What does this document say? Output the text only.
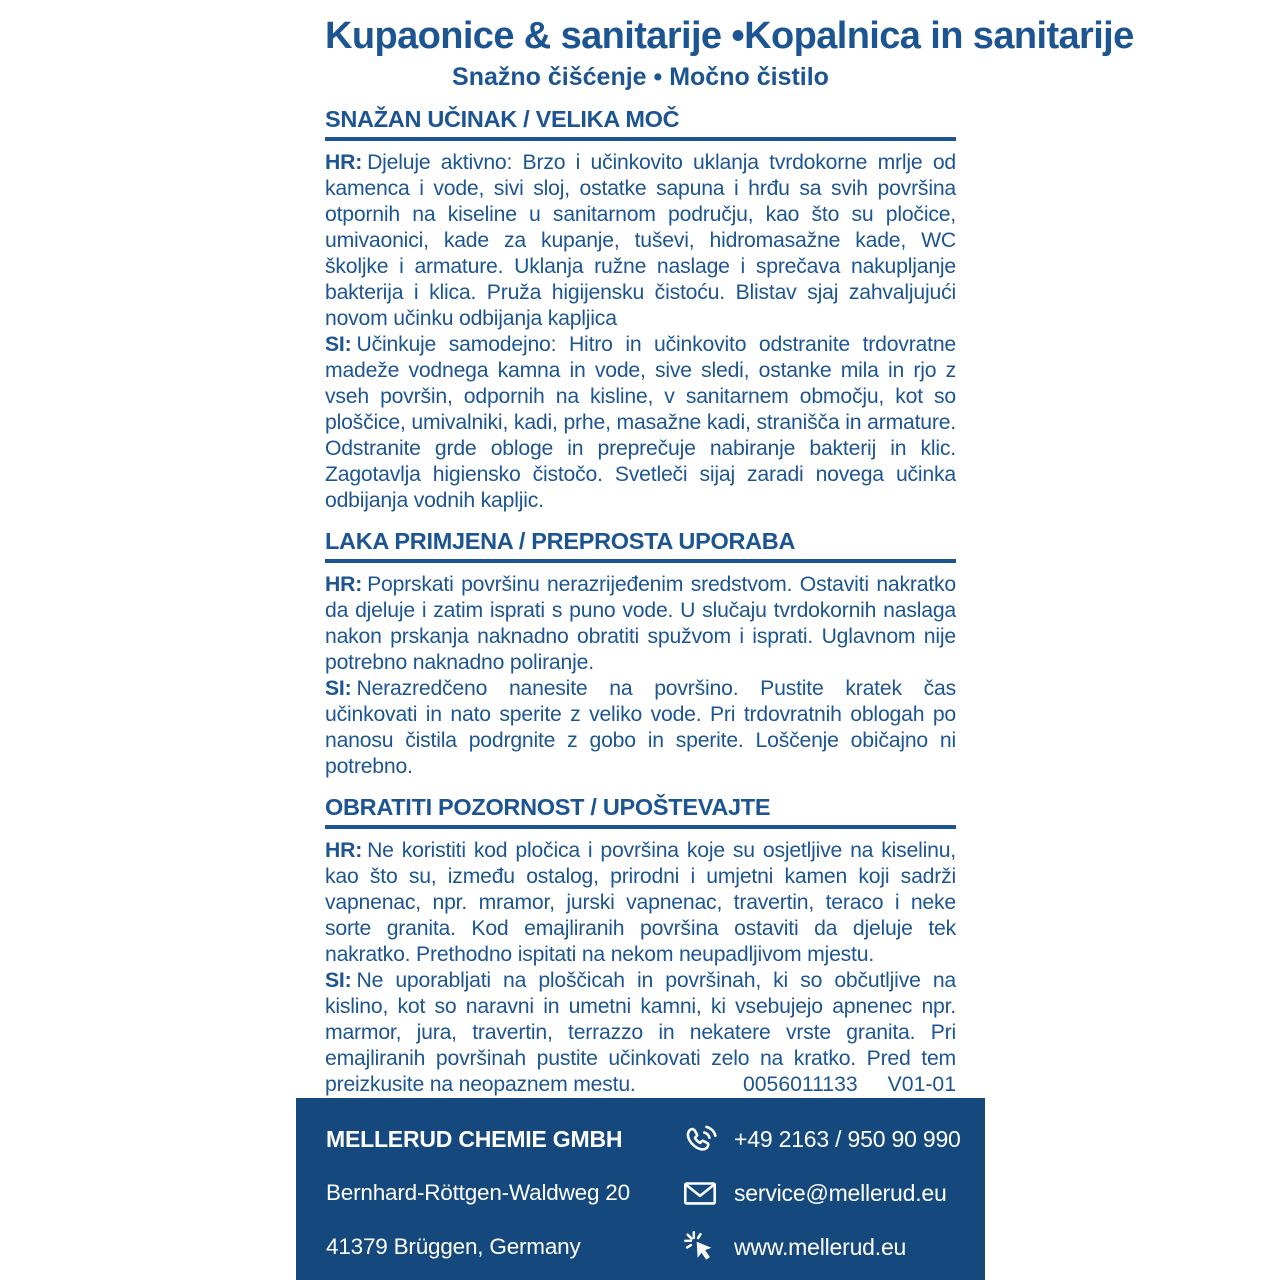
Kupaonice & sanitarije •Kopalnica in sanitarije
Snažno čišćenje • Močno čistilo
SNAŽAN UČINAK / VELIKA MOČ

HR: Djeluje aktivno: Brzo i učinkovito uklanja tvrdokorne mrlje od kamenca i vode, sivi sloj, ostatke sapuna i hrđu sa svih površina otpornih na kiseline u sanitarnom području, kao što su pločice, umivaonici, kade za kupanje, tuševi, hidromasažne kade, WC školjke i armature. Uklanja ružne naslage i sprečava nakupljanje bakterija i klica. Pruža higijensku čistoću. Blistav sjaj zahvaljujući novom učinku odbijanja kapljica

SI: Učinkuje samodejno: Hitro in učinkovito odstranite trdovratne madeže vodnega kamna in vode, sive sledi, ostanke mila in rjo z vseh površin, odpornih na kisline, v sanitarnem območju, kot so ploščice, umivalniki, kadi, prhe, masažne kadi, stranišča in armature. Odstranite grde obloge in preprečuje nabiranje bakterij in klic. Zagotavlja higiensko čistočo. Svetleči sijaj zaradi novega učinka odbijanja vodnih kapljic.

LAKA PRIMJENA / PREPROSTA UPORABA

HR: Poprskati površinu nerazrijeđenim sredstvom. Ostaviti nakratko da djeluje i zatim isprati s puno vode. U slučaju tvrdokornih naslaga nakon prskanja naknadno obratiti spužvom i isprati. Uglavnom nije potrebno naknadno poliranje.

SI: Nerazredčeno nanesite na površino. Pustite kratek čas učinkovati in nato sperite z veliko vode. Pri trdovratnih oblogah po nanosu čistila podrgnite z gobo in sperite. Loščenje običajno ni potrebno.

OBRATITI POZORNOST / UPOŠTEVAJTE

HR: Ne koristiti kod pločica i površina koje su osjetljive na kiselinu, kao što su, između ostalog, prirodni i umjetni kamen koji sadrži vapnenac, npr. mramor, jurski vapnenac, travertin, teraco i neke sorte granita. Kod emajliranih površina ostaviti da djeluje tek nakratko. Prethodno ispitati na nekom neupadljivom mjestu.

SI: Ne uporabljati na ploščicah in površinah, ki so občutljive na kislino, kot so naravni in umetni kamni, ki vsebujejo apnenec npr. marmor, jura, travertin, terrazzo in nekatere vrste granita. Pri emajliranih površinah pustite učinkovati zelo na kratko. Pred tem preizkusite na neopaznem mestu.	0056011133 V01-01

MELLERUD CHEMIE GMBH	+49 2163 / 950 90 990
Bernhard-Röttgen-Waldweg 20	service@mellerud.eu
41379 Brüggen, Germany	www.mellerud.eu
